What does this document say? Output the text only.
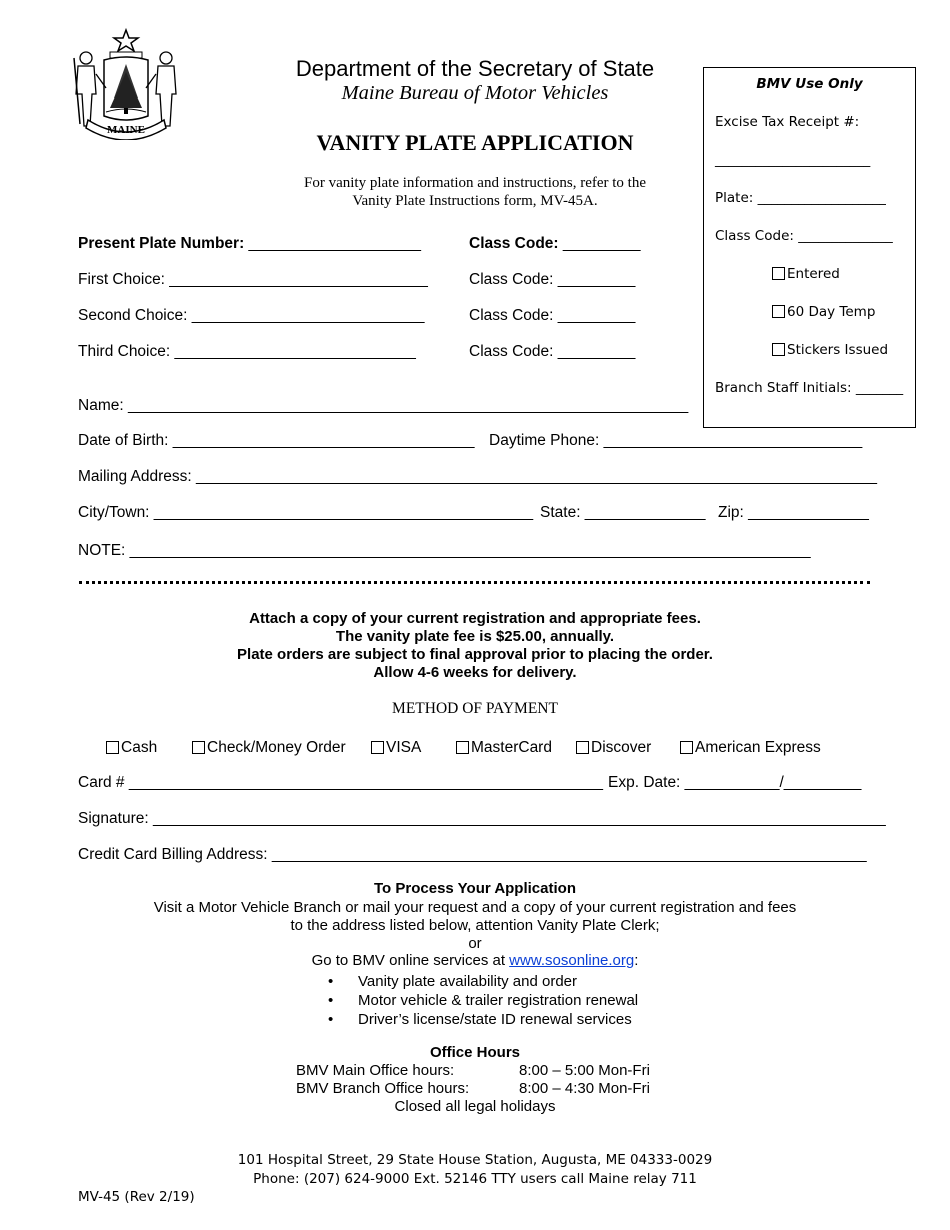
MAINE
Department of the Secretary of State
Maine Bureau of Motor Vehicles
VANITY PLATE APPLICATION
For vanity plate information and instructions, refer to the
Vanity Plate Instructions form, MV-45A.
BMV Use Only
Excise Tax Receipt #:
_______________________
Plate: ___________________
Class Code: ______________
Entered
60 Day Temp
Stickers Issued
Branch Staff Initials: _______
Present Plate Number: ____________________	Class Code: _________
First Choice: ______________________________	Class Code: _________
Second Choice: ___________________________	Class Code: _________
Third Choice: ____________________________	Class Code: _________
Name: _________________________________________________________________
Date of Birth: ___________________________________ Daytime Phone: ______________________________
Mailing Address: _______________________________________________________________________________
City/Town: ____________________________________________ State: ______________ Zip: ______________
NOTE: _______________________________________________________________________________
Attach a copy of your current registration and appropriate fees.
The vanity plate fee is $25.00, annually.
Plate orders are subject to final approval prior to placing the order.
Allow 4-6 weeks for delivery.
METHOD OF PAYMENT
Cash	Check/Money Order	VISA	MasterCard	Discover	American Express
Card # _______________________________________________________ Exp. Date: ___________/_________
Signature: _____________________________________________________________________________________
Credit Card Billing Address: _____________________________________________________________________
To Process Your Application
Visit a Motor Vehicle Branch or mail your request and a copy of your current registration and fees
to the address listed below, attention Vanity Plate Clerk;
or
Go to BMV online services at www.sosonline.org:
• Vanity plate availability and order
• Motor vehicle & trailer registration renewal
• Driver’s license/state ID renewal services
Office Hours
BMV Main Office hours:	8:00 – 5:00 Mon-Fri
BMV Branch Office hours:	8:00 – 4:30 Mon-Fri
Closed all legal holidays
101 Hospital Street, 29 State House Station, Augusta, ME 04333-0029
Phone: (207) 624-9000 Ext. 52146 TTY users call Maine relay 711
MV-45 (Rev 2/19)
